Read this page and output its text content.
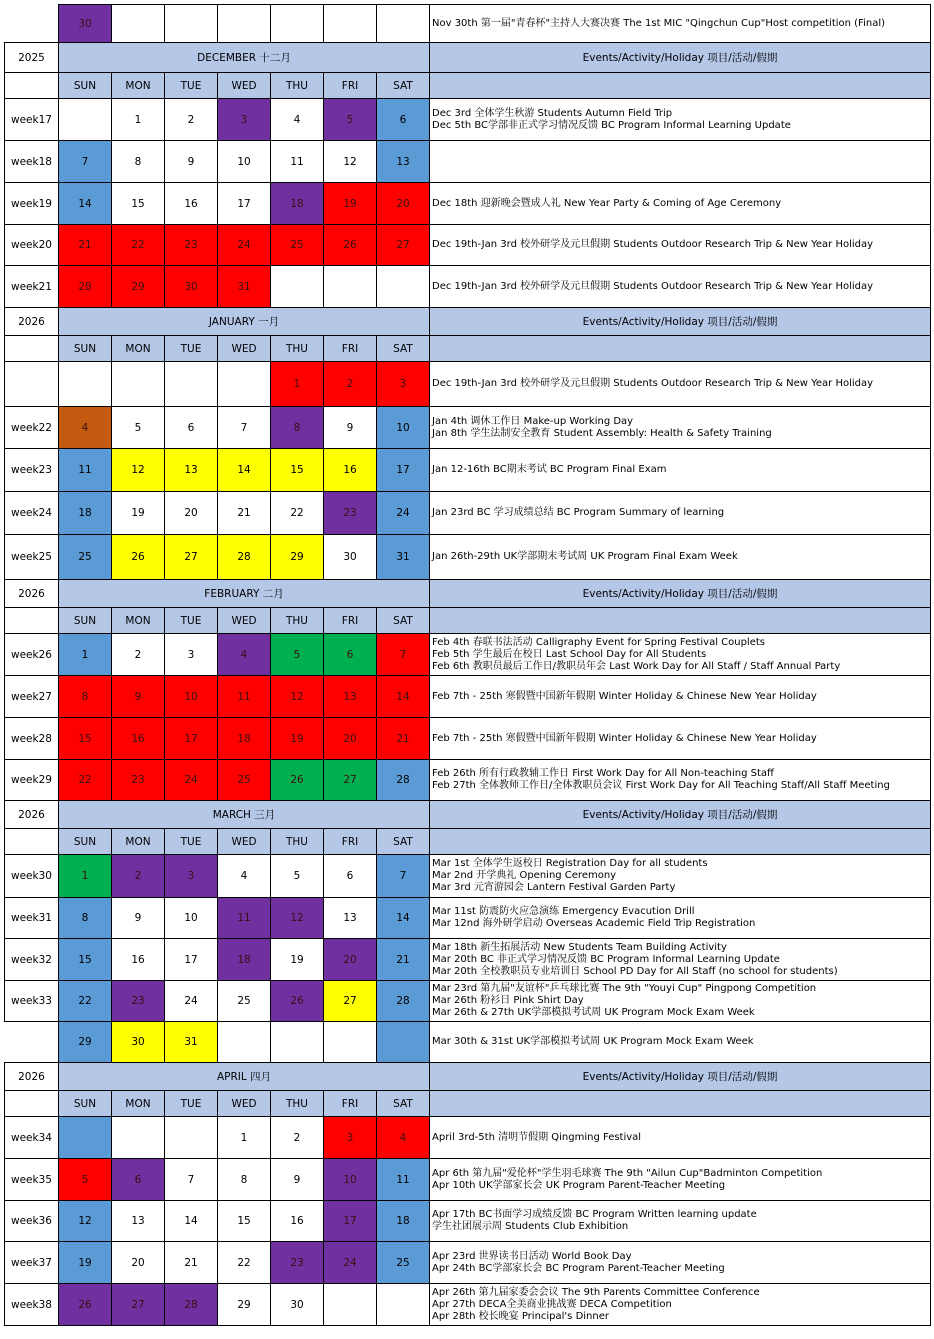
	30							Nov 30th 第一届"青春杯"主持人大赛决赛 The 1st MIC "Qingchun Cup"Host competition (Final)

2025	DECEMBER 十二月							Events/Activity/Holiday 项目/活动/假期
	SUN	MON	TUE	WED	THU	FRI	SAT	
week17		1	2	3	4	5	6	Dec 3rd 全体学生秋游 Students Autumn Field Trip
Dec 5th BC学部非正式学习情况反馈 BC Program Informal Learning Update

week18	7	8	9	10	11	12	13	
week19	14	15	16	17	18	19	20	Dec 18th 迎新晚会暨成人礼 New Year Party & Coming of Age Ceremony

week20	21	22	23	24	25	26	27	Dec 19th-Jan 3rd 校外研学及元旦假期 Students Outdoor Research Trip & New Year Holiday

week21	28	29	30	31				Dec 19th-Jan 3rd 校外研学及元旦假期 Students Outdoor Research Trip & New Year Holiday

2026	JANUARY 一月							Events/Activity/Holiday 项目/活动/假期
	SUN	MON	TUE	WED	THU	FRI	SAT	
					1	2	3	Dec 19th-Jan 3rd 校外研学及元旦假期 Students Outdoor Research Trip & New Year Holiday

week22	4	5	6	7	8	9	10	Jan 4th 调休工作日 Make-up Working Day
Jan 8th 学生法制安全教育 Student Assembly: Health & Safety Training

week23	11	12	13	14	15	16	17	Jan 12-16th BC期末考试 BC Program Final Exam

week24	18	19	20	21	22	23	24	Jan 23rd BC 学习成绩总结 BC Program Summary of learning

week25	25	26	27	28	29	30	31	Jan 26th-29th UK学部期末考试周 UK Program Final Exam Week

2026	FEBRUARY 二月							Events/Activity/Holiday 项目/活动/假期
	SUN	MON	TUE	WED	THU	FRI	SAT	
week26	1	2	3	4	5	6	7	Feb 4th 春联书法活动 Calligraphy Event for Spring Festival Couplets
Feb 5th 学生最后在校日 Last School Day for All Students
Feb 6th 教职员最后工作日/教职员年会 Last Work Day for All Staff / Staff Annual Party

week27	8	9	10	11	12	13	14	Feb 7th - 25th 寒假暨中国新年假期 Winter Holiday & Chinese New Year Holiday

week28	15	16	17	18	19	20	21	Feb 7th - 25th 寒假暨中国新年假期 Winter Holiday & Chinese New Year Holiday

week29	22	23	24	25	26	27	28	Feb 26th 所有行政教辅工作日 First Work Day for All Non-teaching Staff
Feb 27th 全体教师工作日/全体教职员会议 First Work Day for All Teaching Staff/All Staff Meeting

2026	MARCH 三月							Events/Activity/Holiday 项目/活动/假期
	SUN	MON	TUE	WED	THU	FRI	SAT	
week30	1	2	3	4	5	6	7	Mar 1st 全体学生返校日 Registration Day for all students
Mar 2nd 开学典礼 Opening Ceremony
Mar 3rd 元宵游园会 Lantern Festival Garden Party

week31	8	9	10	11	12	13	14	Mar 11st 防震防火应急演练 Emergency Evacution Drill
Mar 12nd 海外研学启动 Overseas Academic Field Trip Registration

week32	15	16	17	18	19	20	21	Mar 18th 新生拓展活动 New Students Team Building Activity
Mar 20th BC 非正式学习情况反馈 BC Program Informal Learning Update
Mar 20th 全校教职员专业培训日 School PD Day for All Staff (no school for students)

week33	22	23	24	25	26	27	28	Mar 23rd 第九届"友谊杯"乒乓球比赛 The 9th "Youyi Cup" Pingpong Competition
Mar 26th 粉衫日 Pink Shirt Day
Mar 26th & 27th UK学部模拟考试周 UK Program Mock Exam Week

	29	30	31					Mar 30th & 31st UK学部模拟考试周 UK Program Mock Exam Week

2026	APRIL 四月							Events/Activity/Holiday 项目/活动/假期
	SUN	MON	TUE	WED	THU	FRI	SAT	
week34				1	2	3	4	April 3rd-5th 清明节假期 Qingming Festival

week35	5	6	7	8	9	10	11	Apr 6th 第九届"爱伦杯"学生羽毛球赛 The 9th "Ailun Cup"Badminton Competition
Apr 10th UK学部家长会 UK Program Parent-Teacher Meeting

week36	12	13	14	15	16	17	18	Apr 17th BC书面学习成绩反馈 BC Program Written learning update
学生社团展示周 Students Club Exhibition

week37	19	20	21	22	23	24	25	Apr 23rd 世界读书日活动 World Book Day
Apr 24th BC学部家长会 BC Program Parent-Teacher Meeting

week38	26	27	28	29	30			Apr 26th 第九届家委会会议 The 9th Parents Committee Conference
Apr 27th DECA全美商业挑战赛 DECA Competition
Apr 28th 校长晚宴 Principal's Dinner
